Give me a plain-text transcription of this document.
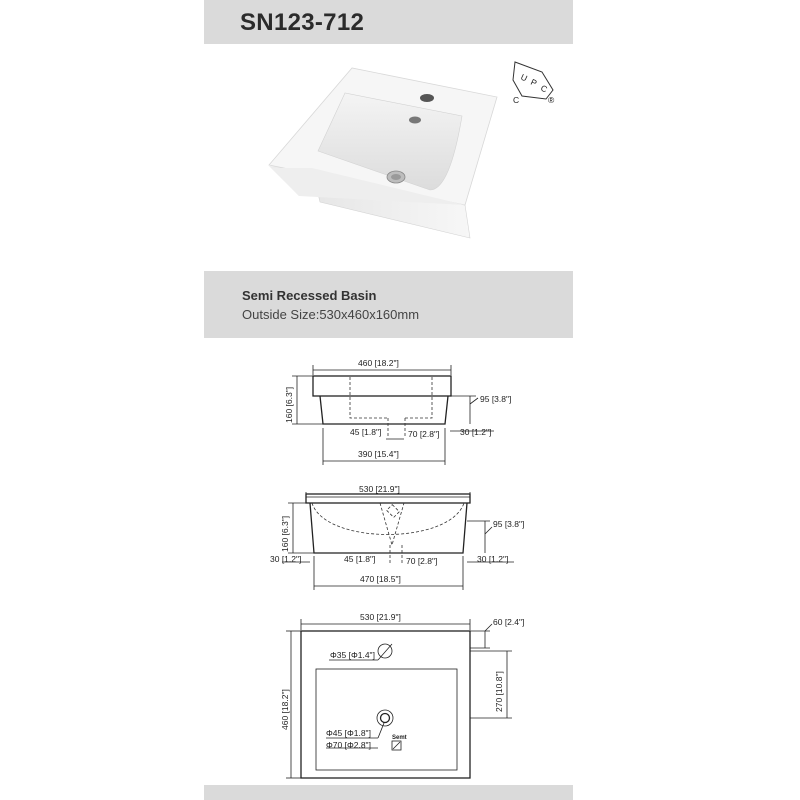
SN123-712
U P
C
C	®
460 [18.2"]
160 [6.3"]	95 [3.8"]
45 [1.8"]	70 [2.8"] 30 [1.2"]
390 [15.4"]
530 [21.9"]
160 [6.3"]	95 [3.8"]
30 [1.2"]	45 [1.8"]	70 [2.8"]	30 [1.2"]
470 [18.5"]
530 [21.9"]	60 [2.4"]
Φ35 [Φ1.4"]
270 [10.8"]
460 [18.2"]
Φ45 [Φ1.8"]
Φ70 [Φ2.8"]
Semt
Semi Recessed Basin
Outside Size:530x460x160mm
